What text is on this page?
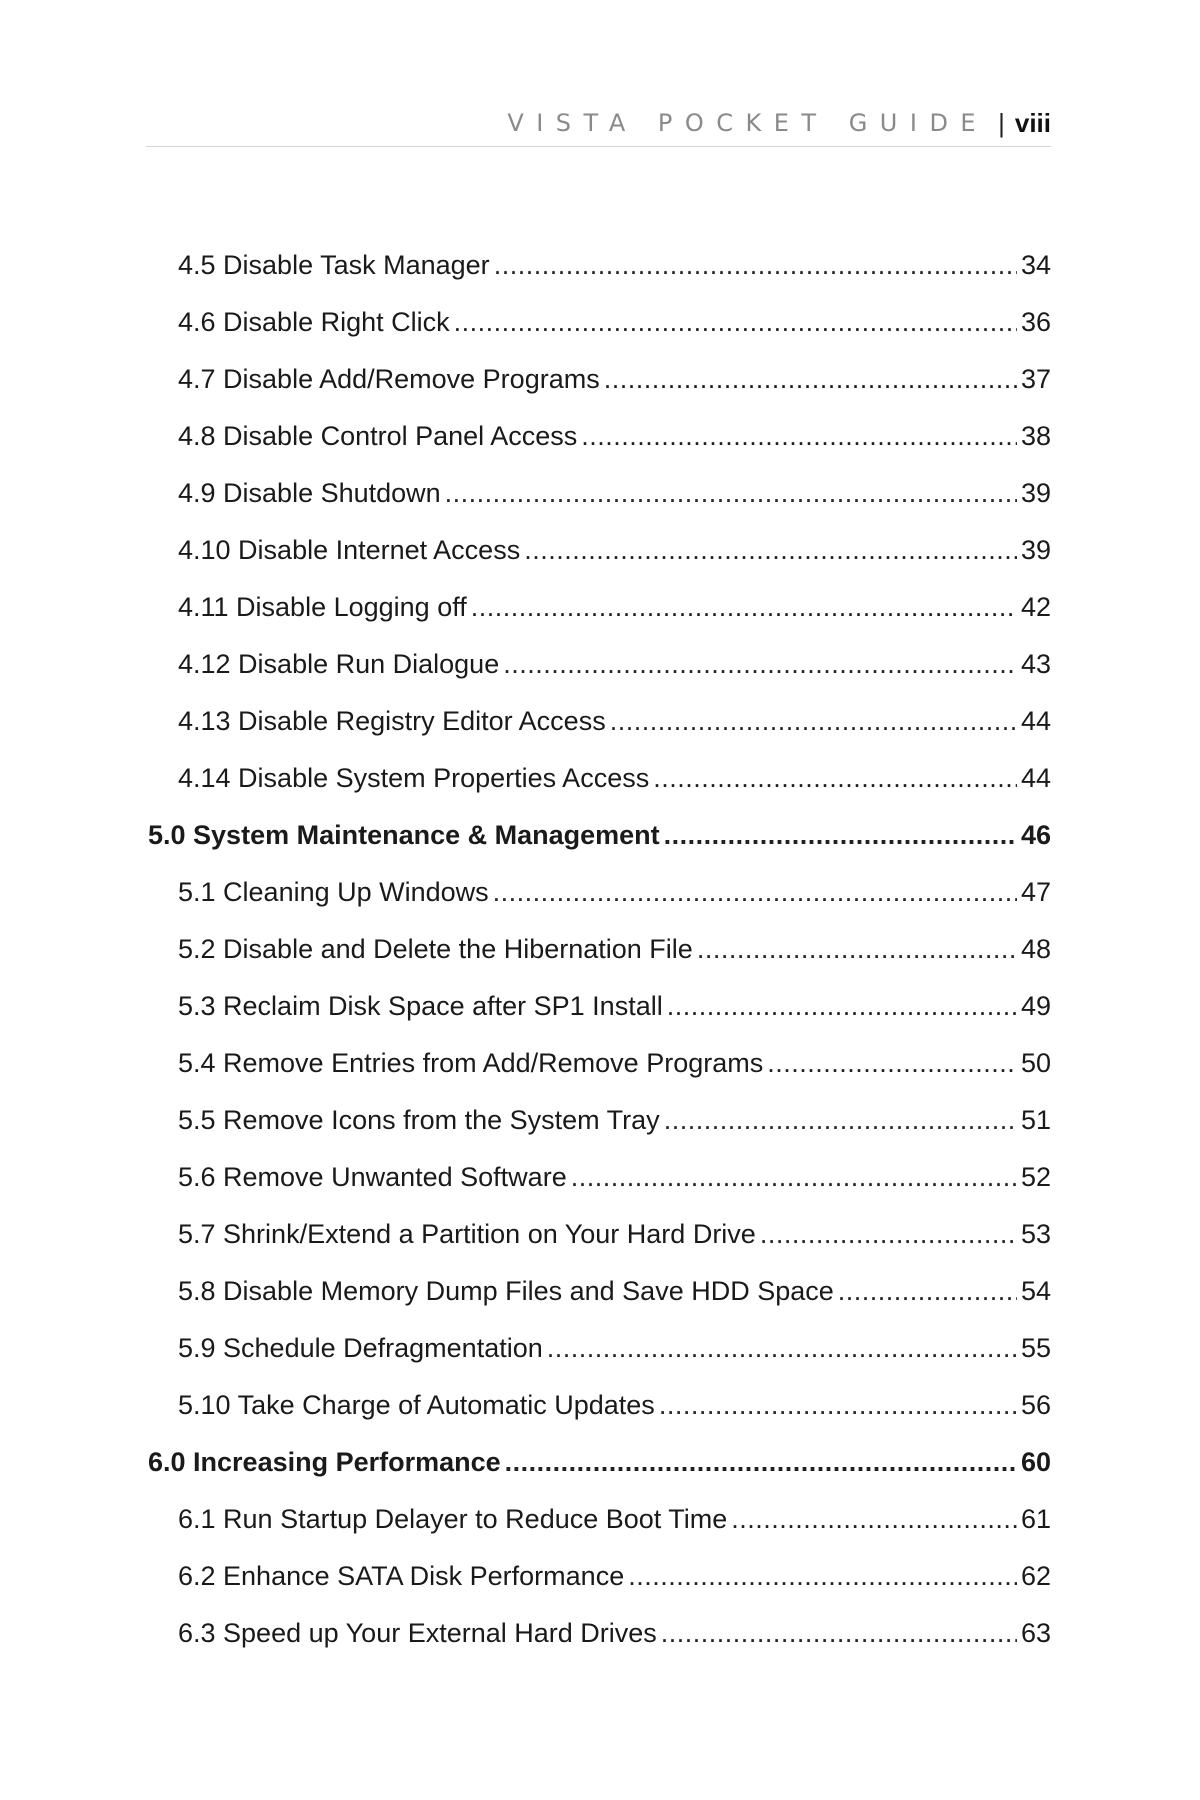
VISTA POCKET GUIDE | viii
4.5 Disable Task Manager .....	34
4.6 Disable Right Click .....	36
4.7 Disable Add/Remove Programs .....	37
4.8 Disable Control Panel Access .....	38
4.9 Disable Shutdown .....	39
4.10 Disable Internet Access .....	39
4.11 Disable Logging off .....	42
4.12 Disable Run Dialogue .....	43
4.13 Disable Registry Editor Access .....	44
4.14 Disable System Properties Access .....	44
5.0 System Maintenance & Management .....	46
5.1 Cleaning Up Windows .....	47
5.2 Disable and Delete the Hibernation File .....	48
5.3 Reclaim Disk Space after SP1 Install .....	49
5.4 Remove Entries from Add/Remove Programs .....	50
5.5 Remove Icons from the System Tray .....	51
5.6 Remove Unwanted Software .....	52
5.7 Shrink/Extend a Partition on Your Hard Drive .....	53
5.8 Disable Memory Dump Files and Save HDD Space .....	54
5.9 Schedule Defragmentation .....	55
5.10 Take Charge of Automatic Updates .....	56
6.0 Increasing Performance .....	60
6.1 Run Startup Delayer to Reduce Boot Time .....	61
6.2 Enhance SATA Disk Performance .....	62
6.3 Speed up Your External Hard Drives .....	63
